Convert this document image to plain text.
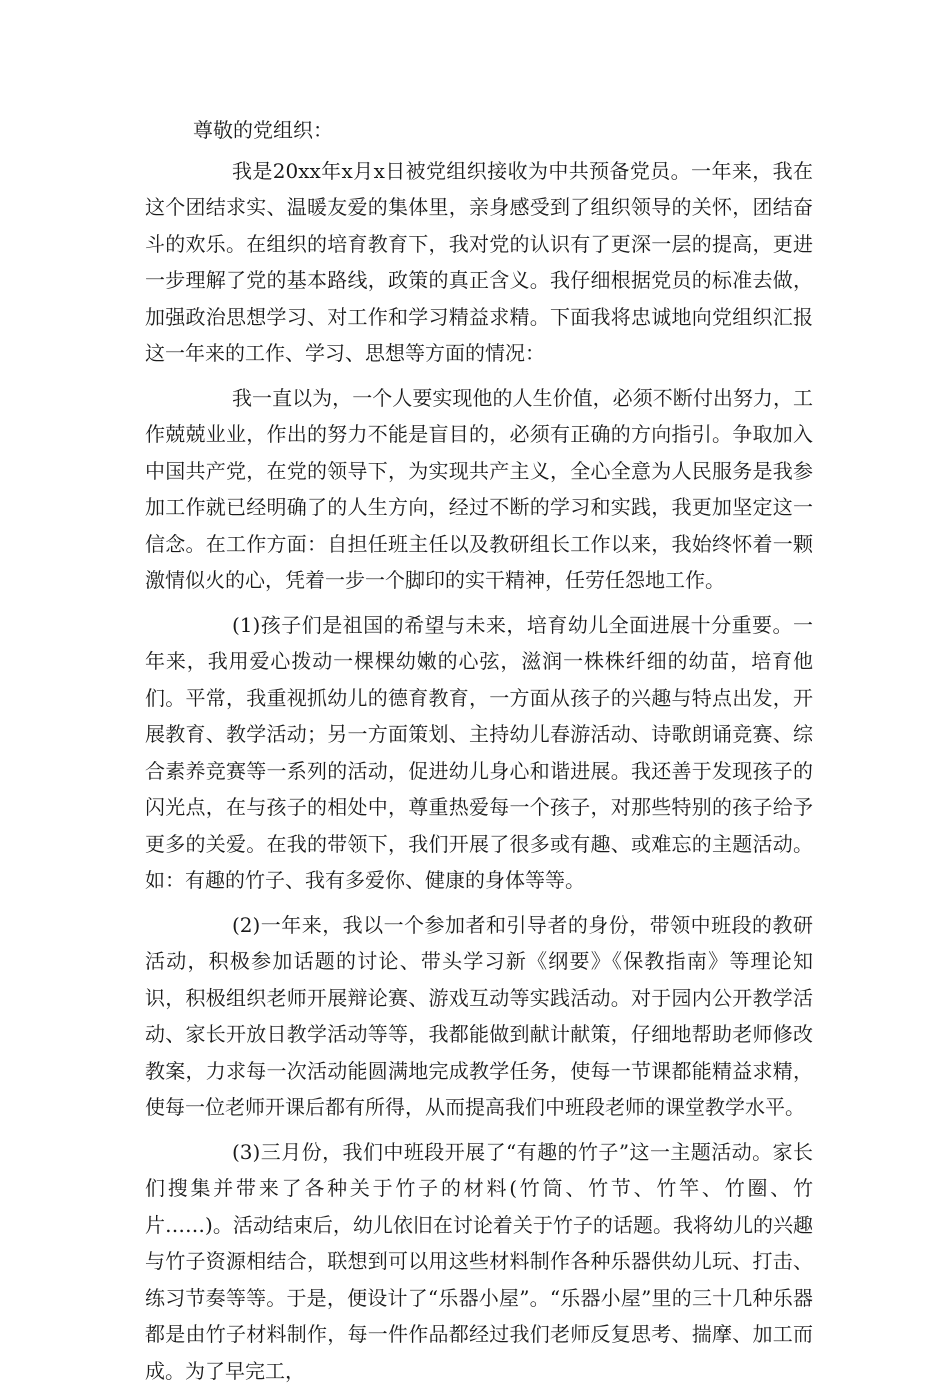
尊敬的党组织：

我是20xx年x月x日被党组织接收为中共预备党员。一年来，我在这个团结求实、温暖友爱的集体里，亲身感受到了组织领导的关怀，团结奋斗的欢乐。在组织的培育教育下，我对党的认识有了更深一层的提高，更进一步理解了党的基本路线，政策的真正含义。我仔细根据党员的标准去做，加强政治思想学习、对工作和学习精益求精。下面我将忠诚地向党组织汇报这一年来的工作、学习、思想等方面的情况：

我一直以为，一个人要实现他的人生价值，必须不断付出努力，工作兢兢业业，作出的努力不能是盲目的，必须有正确的方向指引。争取加入中国共产党，在党的领导下，为实现共产主义，全心全意为人民服务是我参加工作就已经明确了的人生方向，经过不断的学习和实践，我更加坚定这一信念。在工作方面：自担任班主任以及教研组长工作以来，我始终怀着一颗激情似火的心，凭着一步一个脚印的实干精神，任劳任怨地工作。

(1)孩子们是祖国的希望与未来，培育幼儿全面进展十分重要。一年来，我用爱心拨动一棵棵幼嫩的心弦，滋润一株株纤细的幼苗，培育他们。平常，我重视抓幼儿的德育教育，一方面从孩子的兴趣与特点出发，开展教育、教学活动；另一方面策划、主持幼儿春游活动、诗歌朗诵竞赛、综合素养竞赛等一系列的活动，促进幼儿身心和谐进展。我还善于发现孩子的闪光点，在与孩子的相处中，尊重热爱每一个孩子，对那些特别的孩子给予更多的关爱。在我的带领下，我们开展了很多或有趣、或难忘的主题活动。如：有趣的竹子、我有多爱你、健康的身体等等。

(2)一年来，我以一个参加者和引导者的身份，带领中班段的教研活动，积极参加话题的讨论、带头学习新《纲要》《保教指南》等理论知识，积极组织老师开展辩论赛、游戏互动等实践活动。对于园内公开教学活动、家长开放日教学活动等等，我都能做到献计献策，仔细地帮助老师修改教案，力求每一次活动能圆满地完成教学任务，使每一节课都能精益求精，使每一位老师开课后都有所得，从而提高我们中班段老师的课堂教学水平。

(3)三月份，我们中班段开展了“有趣的竹子”这一主题活动。家长们搜集并带来了各种关于竹子的材料(竹筒、竹节、竹竿、竹圈、竹片……)。活动结束后，幼儿依旧在讨论着关于竹子的话题。我将幼儿的兴趣与竹子资源相结合，联想到可以用这些材料制作各种乐器供幼儿玩、打击、练习节奏等等。于是，便设计了“乐器小屋”。“乐器小屋”里的三十几种乐器都是由竹子材料制作，每一件作品都经过我们老师反复思考、揣摩、加工而成。为了早完工，
